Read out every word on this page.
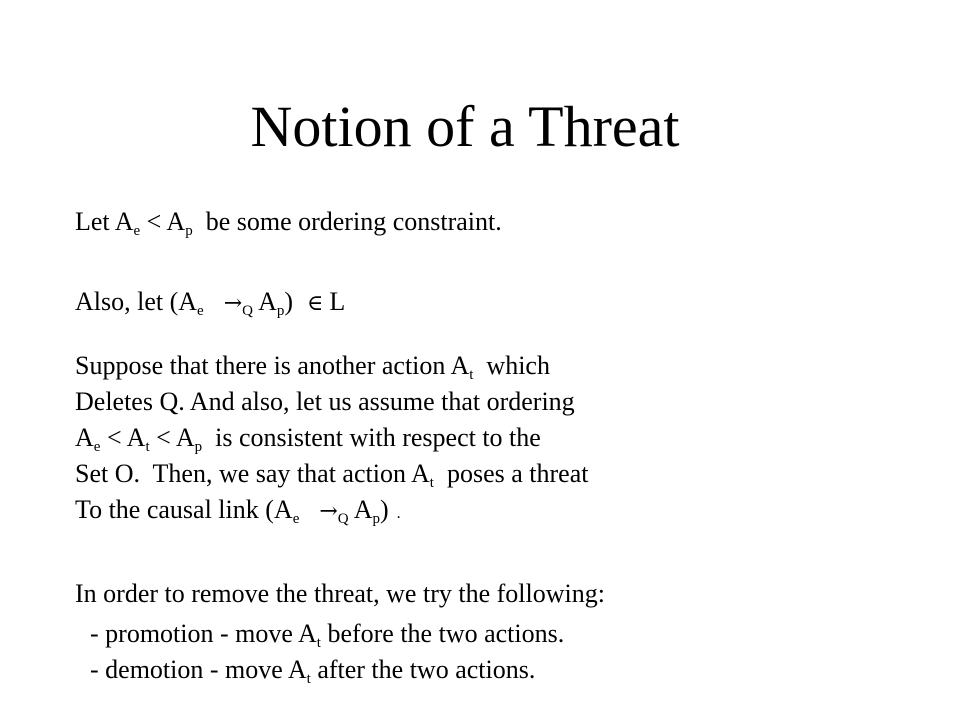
Notion of a Threat
Let $A_e < A_p$  be some ordering constraint.
Also, let ($A_e \to_Q$ $A_p$) ∈ L
Suppose that there is another action $A_t$  which
Deletes Q. And also, let us assume that ordering
$A_e < A_t < A_p$  is consistent with respect to the
Set O.  Then, we say that action $A_t$  poses a threat
To the causal link ($A_e \to_Q$ $A_p$) .
In order to remove the threat, we try the following:
- promotion - move $A_t$ before the two actions.
- demotion - move $A_t$ after the two actions.
